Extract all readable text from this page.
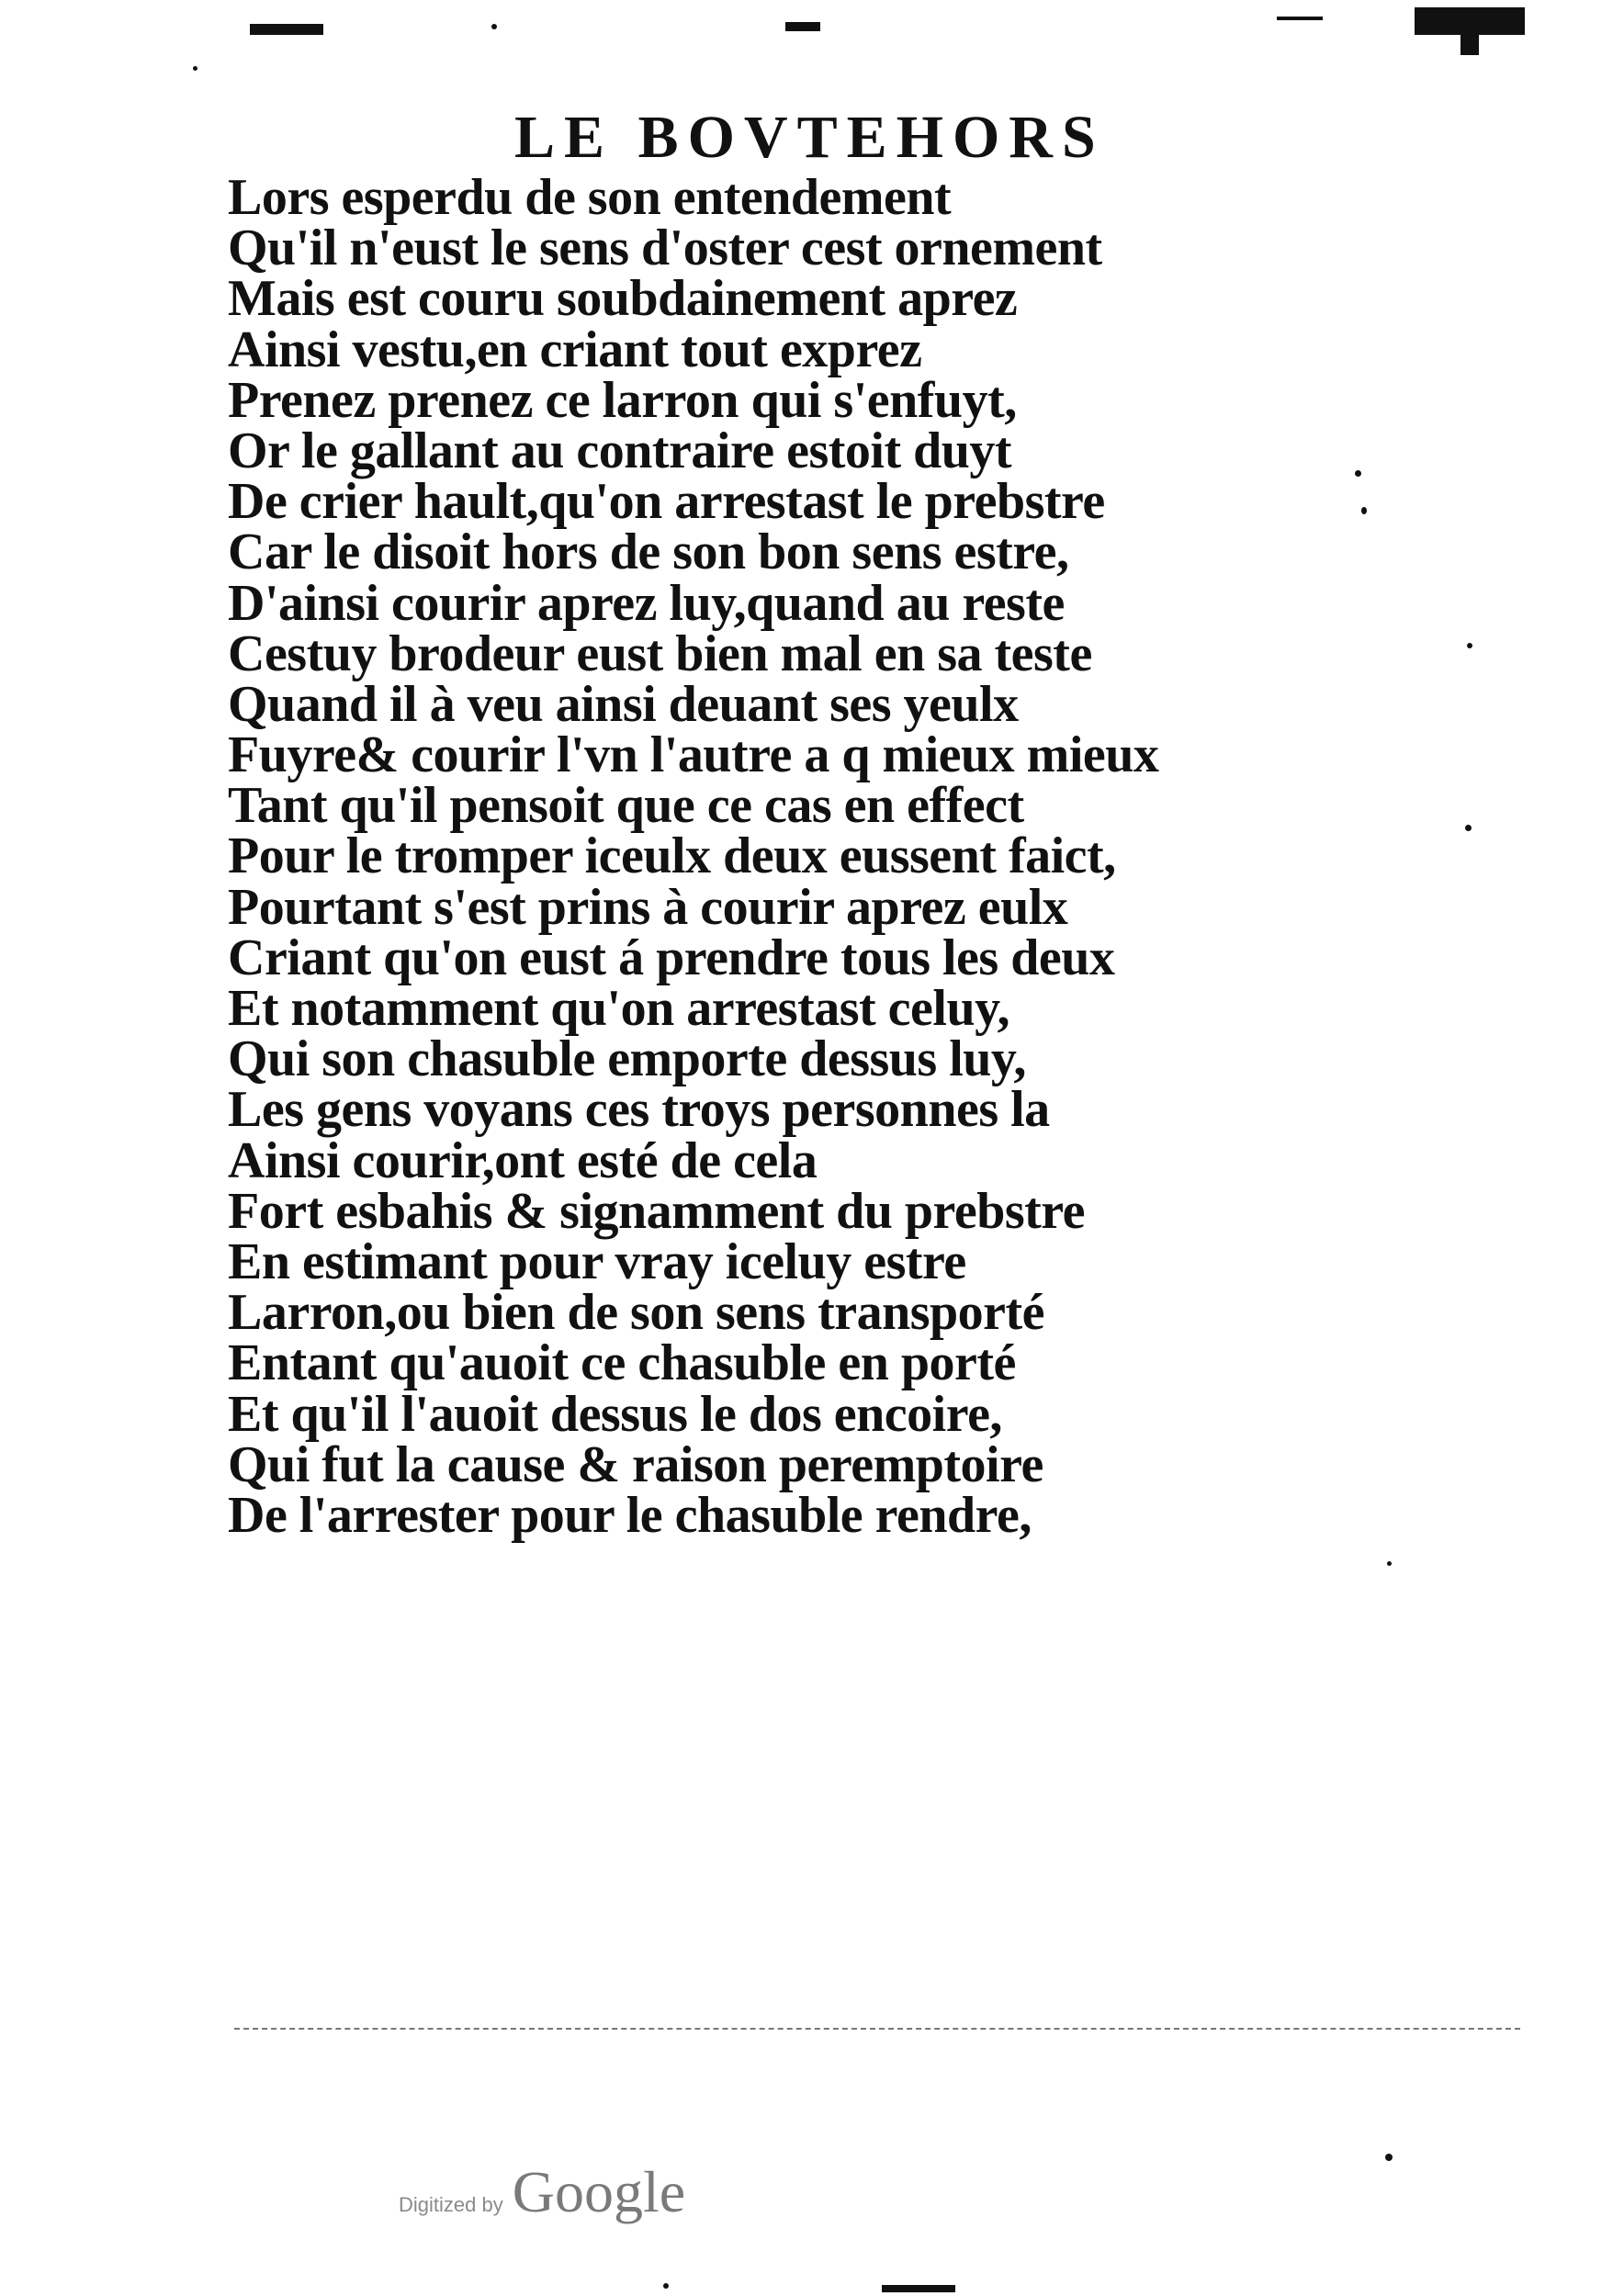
LE BOVTEHORS
Lors esperdu de son entendement
Qu'il n'eust le sens d'oster cest ornement
Mais est couru soubdainement aprez
Ainsi vestu,en criant tout exprez
Prenez prenez ce larron qui s'enfuyt,
Or le gallant au contraire estoit duyt
De crier hault,qu'on arrestast le prebstre
Car le disoit hors de son bon sens estre,
D'ainsi courir aprez luy,quand au reste
Cestuy brodeur eust bien mal en sa teste
Quand il à veu ainsi deuant ses yeulx
Fuyre& courir l'vn l'autre a q mieux mieux
Tant qu'il pensoit que ce cas en effect
Pour le tromper iceulx deux eussent faict,
Pourtant s'est prins à courir aprez eulx
Criant qu'on eust á prendre tous les deux
Et notamment qu'on arrestast celuy,
Qui son chasuble emporte dessus luy,
Les gens voyans ces troys personnes la
Ainsi courir,ont esté de cela
Fort esbahis & signamment du prebstre
En estimant pour vray iceluy estre
Larron,ou bien de son sens transporté
Entant qu'auoit ce chasuble en porté
Et qu'il l'auoit dessus le dos encoire,
Qui fut la cause & raison peremptoire
De l'arrester pour le chasuble rendre,
Digitized by Google
